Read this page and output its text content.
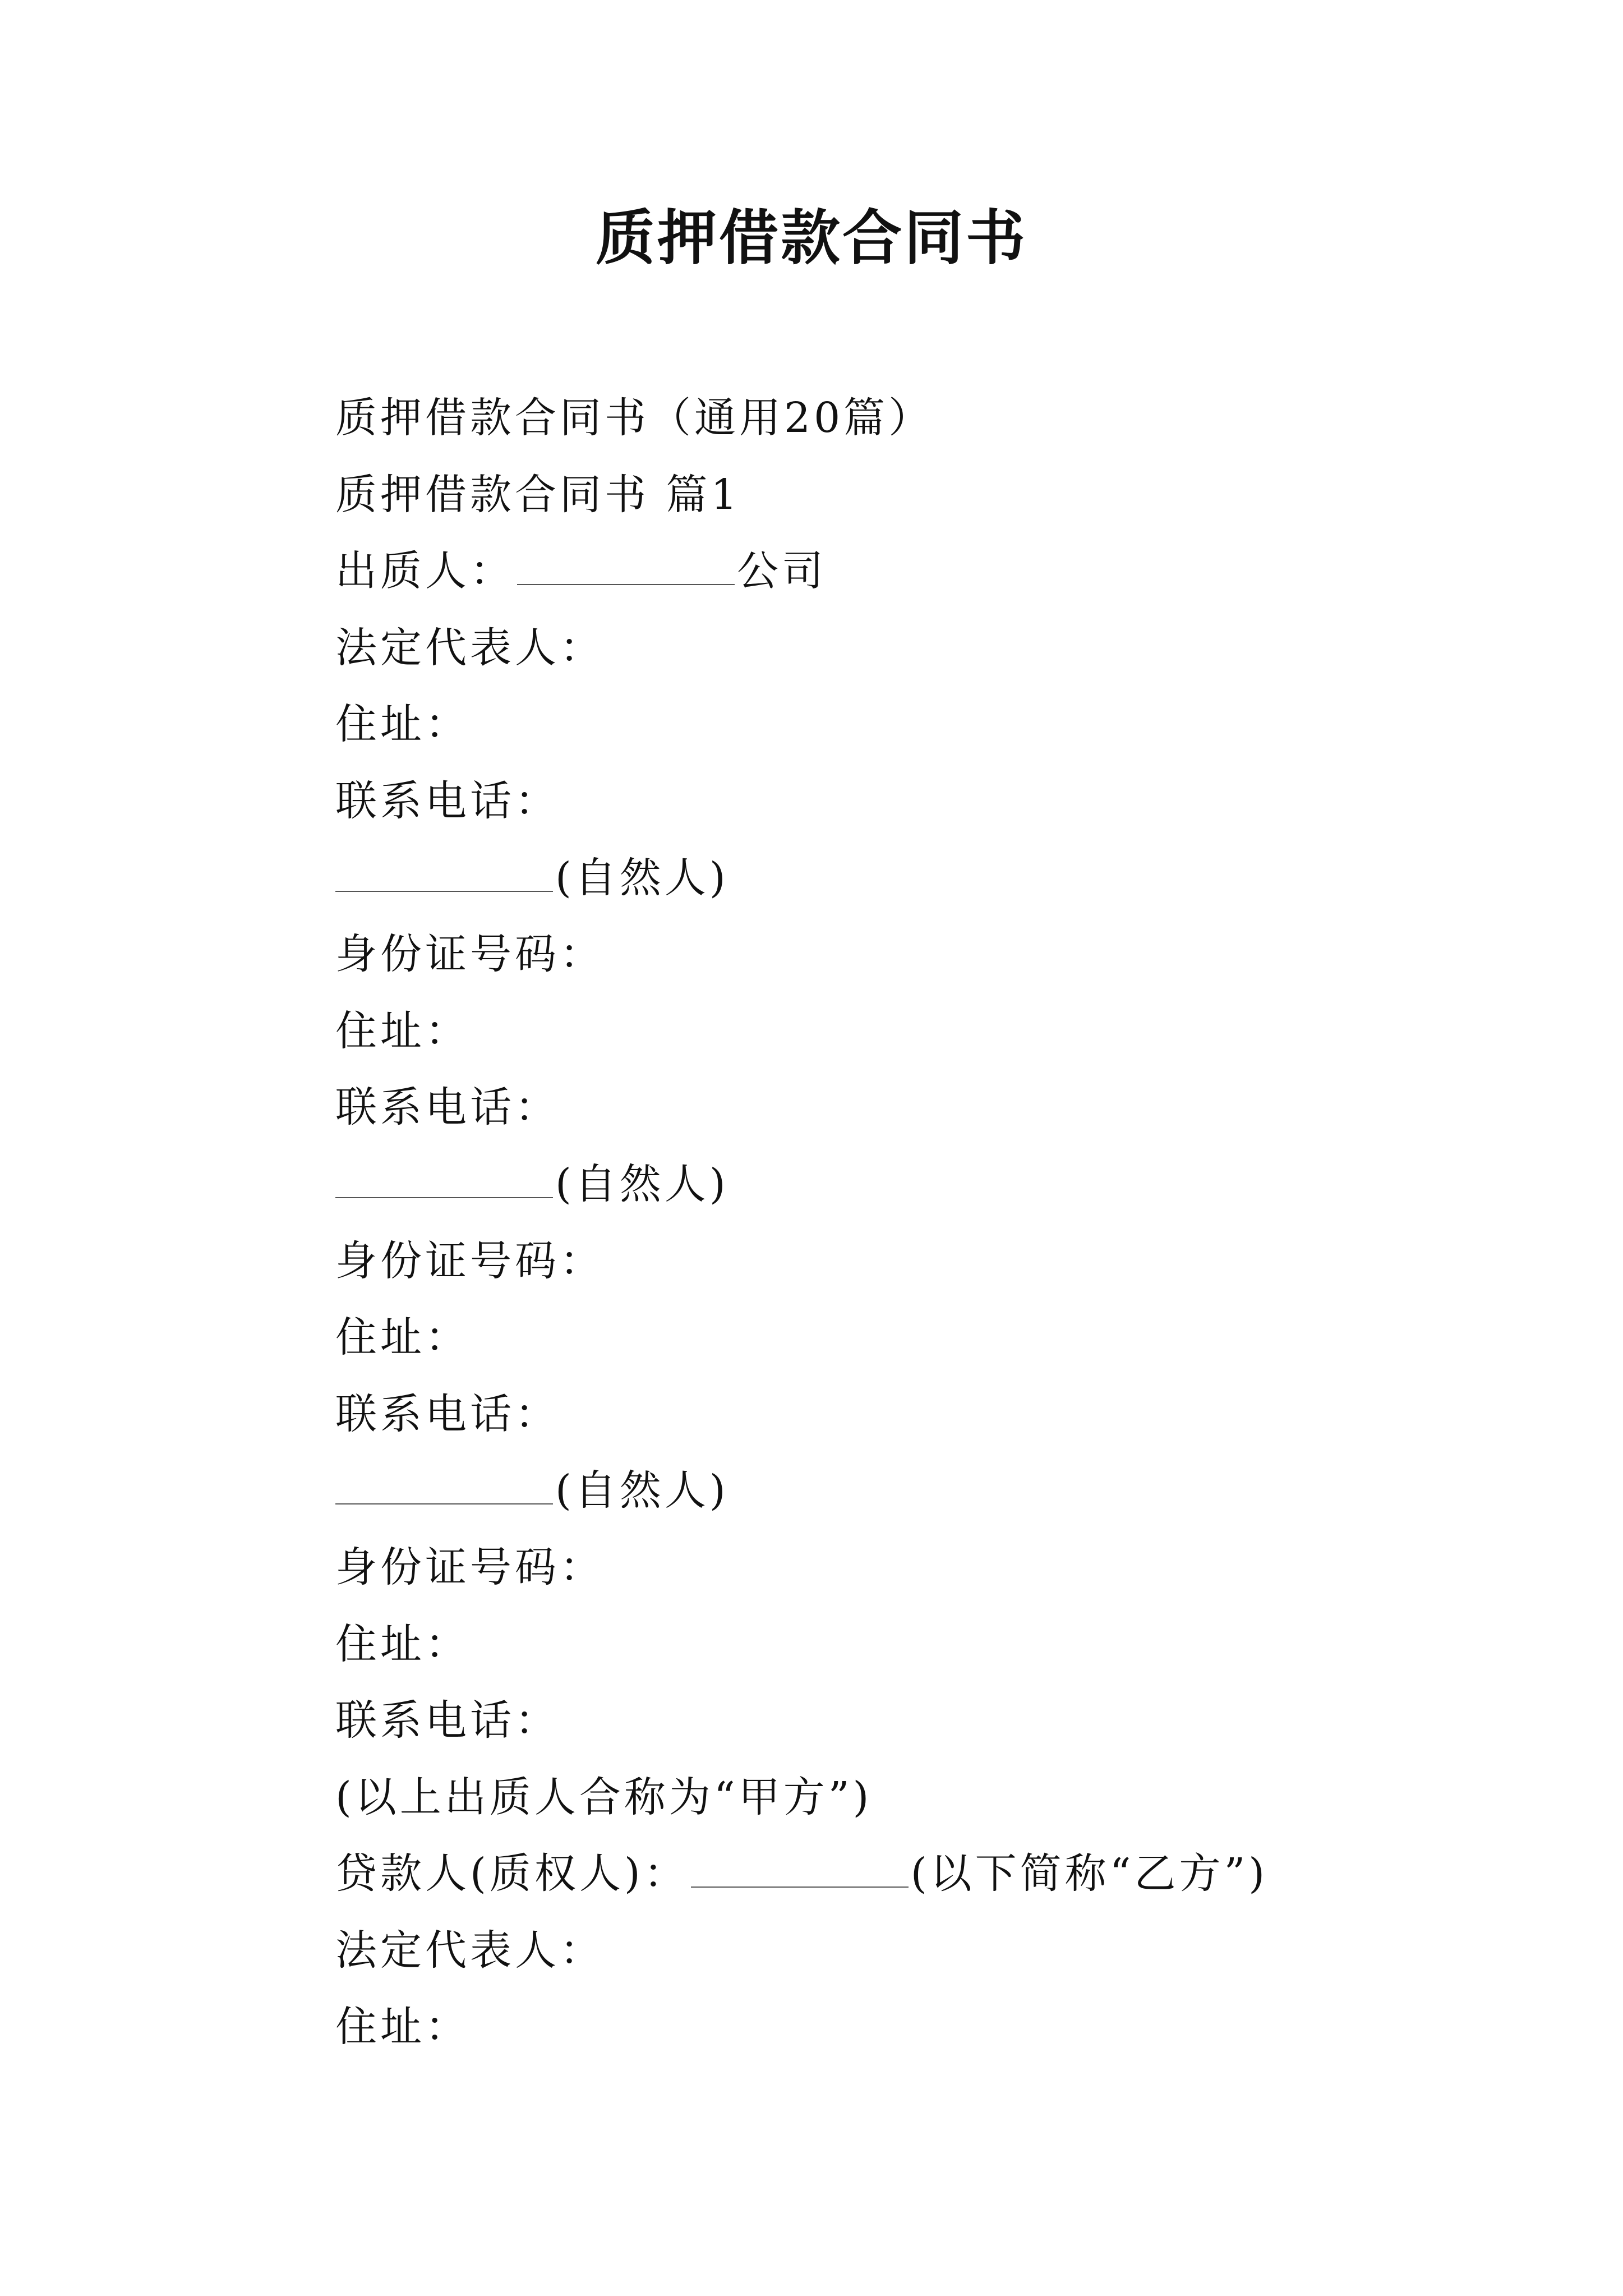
质押借款合同书
质押借款合同书（通用20篇）
质押借款合同书 篇1
出质人：	公司
法定代表人：
住址：
联系电话：
(自然人)
身份证号码：
住址：
联系电话：
(自然人)
身份证号码：
住址：
联系电话：
(自然人)
身份证号码：
住址：
联系电话：
(以上出质人合称为“甲方”)
贷款人(质权人)：	(以下简称“乙方”)
法定代表人：
住址：
